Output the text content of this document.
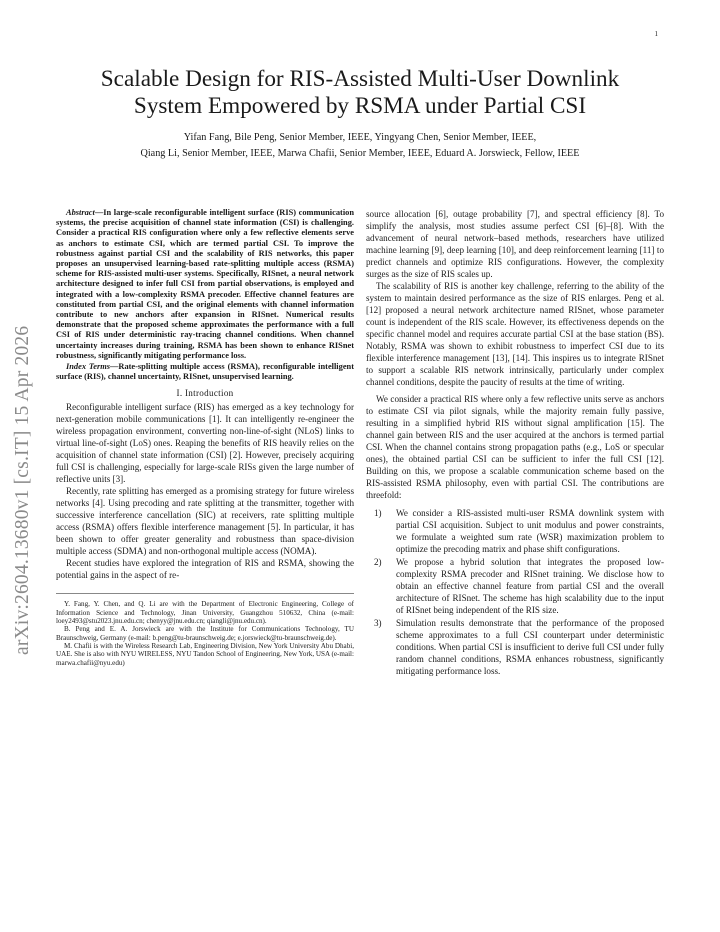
1
arXiv:2604.13680v1 [cs.IT] 15 Apr 2026
Scalable Design for RIS-Assisted Multi-User Downlink System Empowered by RSMA under Partial CSI
Yifan Fang, Bile Peng, Senior Member, IEEE, Yingyang Chen, Senior Member, IEEE,
Qiang Li, Senior Member, IEEE, Marwa Chafii, Senior Member, IEEE, Eduard A. Jorswieck, Fellow, IEEE

Abstract—In large-scale reconfigurable intelligent surface (RIS) communication systems, the precise acquisition of channel state information (CSI) is challenging. Consider a practical RIS configuration where only a few reflective elements serve as anchors to estimate CSI, which are termed partial CSI. To improve the robustness against partial CSI and the scalability of RIS networks, this paper proposes an unsupervised learning-based rate-splitting multiple access (RSMA) scheme for RIS-assisted multi-user systems. Specifically, RISnet, a neural network architecture designed to infer full CSI from partial observations, is employed and integrated with a low-complexity RSMA precoder. Effective channel features are constituted from partial CSI, and the original elements with channel information contribute to new anchors after expansion in RISnet. Numerical results demonstrate that the proposed scheme approximates the performance with a full CSI of RIS under deterministic ray-tracing channel conditions. When channel uncertainty increases during training, RSMA has been shown to enhance RISnet robustness, significantly mitigating performance loss.

Index Terms—Rate-splitting multiple access (RSMA), reconfigurable intelligent surface (RIS), channel uncertainty, RISnet, unsupervised learning.

I. Introduction

Reconfigurable intelligent surface (RIS) has emerged as a key technology for next-generation mobile communications [1]. It can intelligently re-engineer the wireless propagation environment, converting non-line-of-sight (NLoS) links to virtual line-of-sight (LoS) ones. Reaping the benefits of RIS heavily relies on the acquisition of channel state information (CSI) [2]. However, precisely acquiring full CSI is challenging, especially for large-scale RISs given the large number of reflective units [3].

Recently, rate splitting has emerged as a promising strategy for future wireless networks [4]. Using precoding and rate splitting at the transmitter, together with successive interference cancellation (SIC) at receivers, rate splitting multiple access (RSMA) offers flexible interference management [5]. In particular, it has been shown to offer greater generality and robustness than space-division multiple access (SDMA) and non-orthogonal multiple access (NOMA).

Recent studies have explored the integration of RIS and RSMA, showing the potential gains in the aspect of re-

Y. Fang, Y. Chen, and Q. Li are with the Department of Electronic Engineering, College of Information Science and Technology, Jinan University, Guangzhou 510632, China (e-mail: loey2493@stu2023.jnu.edu.cn; chenyy@jnu.edu.cn; qiangli@jnu.edu.cn).

B. Peng and E. A. Jorswieck are with the Institute for Communications Technology, TU Braunschweig, Germany (e-mail: b.peng@tu-braunschweig.de; e.jorswieck@tu-braunschweig.de).

M. Chafii is with the Wireless Research Lab, Engineering Division, New York University Abu Dhabi, UAE. She is also with NYU WIRELESS, NYU Tandon School of Engineering, New York, USA (e-mail: marwa.chafii@nyu.edu)

source allocation [6], outage probability [7], and spectral efficiency [8]. To simplify the analysis, most studies assume perfect CSI [6]–[8]. With the advancement of neural network–based methods, researchers have utilized machine learning [9], deep learning [10], and deep reinforcement learning [11] to predict channels and optimize RIS configurations. However, the complexity surges as the size of RIS scales up.

The scalability of RIS is another key challenge, referring to the ability of the system to maintain desired performance as the size of RIS enlarges. Peng et al. [12] proposed a neural network architecture named RISnet, whose parameter count is independent of the RIS scale. However, its effectiveness depends on the specific channel model and requires accurate partial CSI at the base station (BS). Notably, RSMA was shown to exhibit robustness to imperfect CSI due to its flexible interference management [13], [14]. This inspires us to integrate RISnet to support a scalable RIS network intrinsically, particularly under complex channel conditions, despite the paucity of results at the time of writing.

We consider a practical RIS where only a few reflective units serve as anchors to estimate CSI via pilot signals, while the majority remain fully passive, resulting in a simplified hybrid RIS without signal amplification [15]. The channel gain between RIS and the user acquired at the anchors is termed partial CSI. When the channel contains strong propagation paths (e.g., LoS or specular ones), the obtained partial CSI can be sufficient to infer the full CSI [12]. Building on this, we propose a scalable communication scheme based on the RIS-assisted RSMA philosophy, even with partial CSI. The contributions are threefold:

1) We consider a RIS-assisted multi-user RSMA downlink system with partial CSI acquisition. Subject to unit modulus and power constraints, we formulate a weighted sum rate (WSR) maximization problem to optimize the precoding matrix and phase shift configurations.
2) We propose a hybrid solution that integrates the proposed low-complexity RSMA precoder and RISnet training. We disclose how to obtain an effective channel feature from partial CSI and the overall architecture of RISnet. The scheme has high scalability due to the input of RISnet being independent of the RIS size.
3) Simulation results demonstrate that the performance of the proposed scheme approximates to a full CSI counterpart under deterministic conditions. When partial CSI is insufficient to derive full CSI under fully random channel conditions, RSMA enhances robustness, significantly mitigating performance loss.
